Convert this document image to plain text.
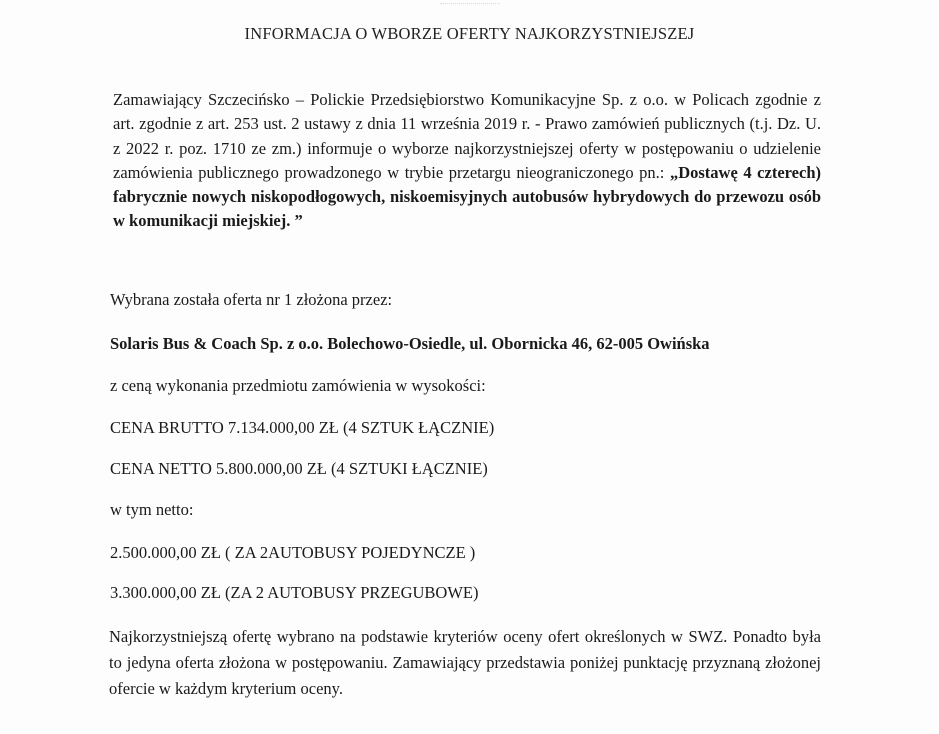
INFORMACJA O WBORZE OFERTY NAJKORZYSTNIEJSZEJ
Zamawiający Szczecińsko – Polickie Przedsiębiorstwo Komunikacyjne Sp. z o.o. w Policach zgodnie z art. zgodnie z art. 253 ust. 2 ustawy z dnia 11 września 2019 r. - Prawo zamówień publicznych (t.j. Dz. U. z 2022 r. poz. 1710 ze zm.) informuje o wyborze najkorzystniejszej oferty w postępowaniu o udzielenie zamówienia publicznego prowadzonego w trybie przetargu nieograniczonego pn.: „Dostawę 4 czterech) fabrycznie nowych niskopodłogowych, niskoemisyjnych autobusów hybrydowych do przewozu osób w komunikacji miejskiej. ”
Wybrana została oferta nr 1 złożona przez:
Solaris Bus & Coach Sp. z o.o. Bolechowo-Osiedle, ul. Obornicka 46, 62-005 Owińska
z ceną wykonania przedmiotu zamówienia w wysokości:
CENA BRUTTO 7.134.000,00 ZŁ (4 SZTUK ŁĄCZNIE)
CENA NETTO 5.800.000,00 ZŁ (4 SZTUKI ŁĄCZNIE)
w tym netto:
2.500.000,00 ZŁ ( ZA 2AUTOBUSY POJEDYNCZE )
3.300.000,00 ZŁ (ZA 2 AUTOBUSY PRZEGUBOWE)
Najkorzystniejszą ofertę wybrano na podstawie kryteriów oceny ofert określonych w SWZ. Ponadto była to jedyna oferta złożona w postępowaniu. Zamawiający przedstawia poniżej punktację przyznaną złożonej ofercie w każdym kryterium oceny.
